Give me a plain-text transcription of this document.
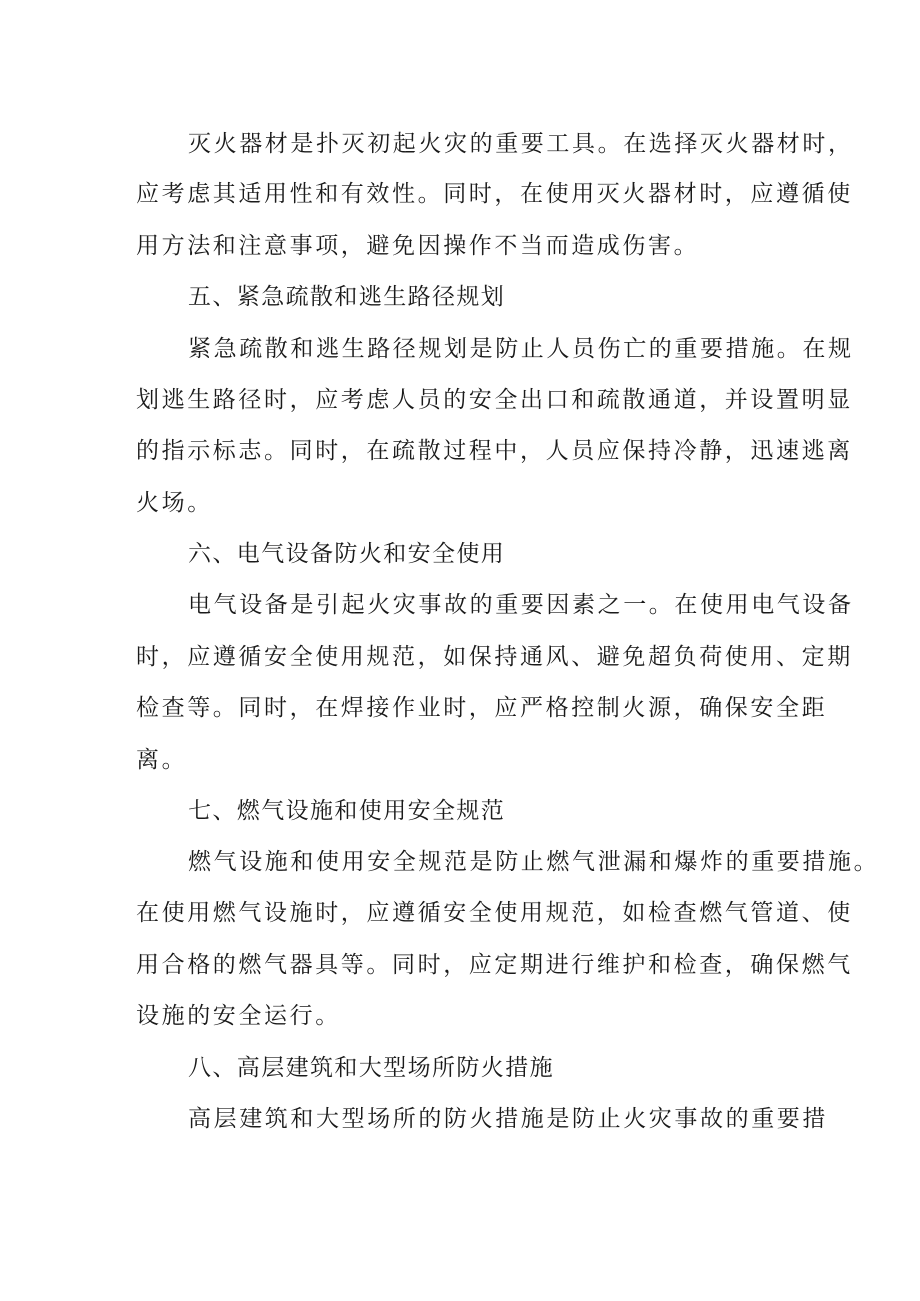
灭火器材是扑灭初起火灾的重要工具。在选择灭火器材时，
应考虑其适用性和有效性。同时，在使用灭火器材时，应遵循使
用方法和注意事项，避免因操作不当而造成伤害。
五、紧急疏散和逃生路径规划
紧急疏散和逃生路径规划是防止人员伤亡的重要措施。在规
划逃生路径时，应考虑人员的安全出口和疏散通道，并设置明显
的指示标志。同时，在疏散过程中，人员应保持冷静，迅速逃离
火场。
六、电气设备防火和安全使用
电气设备是引起火灾事故的重要因素之一。在使用电气设备
时，应遵循安全使用规范，如保持通风、避免超负荷使用、定期
检查等。同时，在焊接作业时，应严格控制火源，确保安全距
离。
七、燃气设施和使用安全规范
燃气设施和使用安全规范是防止燃气泄漏和爆炸的重要措施。
在使用燃气设施时，应遵循安全使用规范，如检查燃气管道、使
用合格的燃气器具等。同时，应定期进行维护和检查，确保燃气
设施的安全运行。
八、高层建筑和大型场所防火措施
高层建筑和大型场所的防火措施是防止火灾事故的重要措
